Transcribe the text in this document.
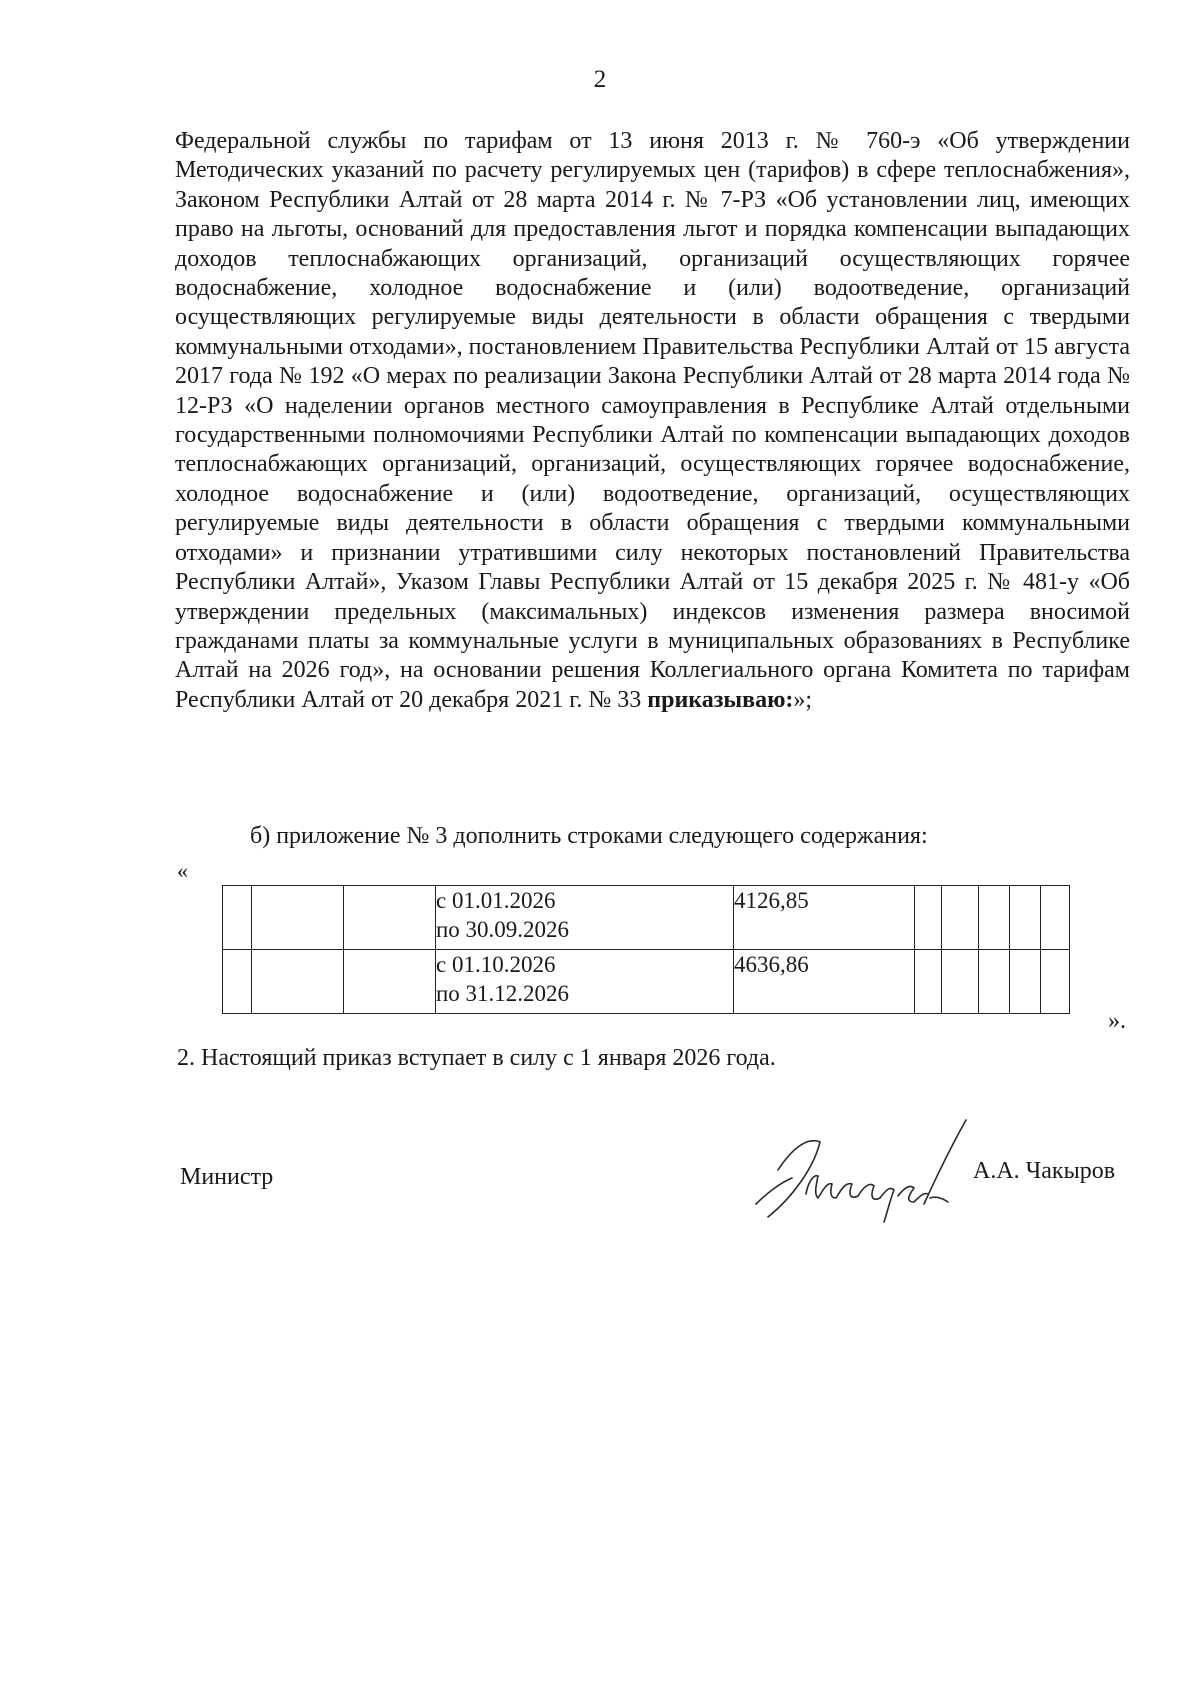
2

Федеральной службы по тарифам от 13 июня 2013 г. № 760-э «Об утверждении Методических указаний по расчету регулируемых цен (тарифов) в сфере теплоснабжения», Законом Республики Алтай от 28 марта 2014 г. № 7-РЗ «Об установлении лиц, имеющих право на льготы, оснований для предоставления льгот и порядка компенсации выпадающих доходов теплоснабжающих организаций, организаций осуществляющих горячее водоснабжение, холодное водоснабжение и (или) водоотведение, организаций осуществляющих регулируемые виды деятельности в области обращения с твердыми коммунальными отходами», постановлением Правительства Республики Алтай от 15 августа 2017 года № 192 «О мерах по реализации Закона Республики Алтай от 28 марта 2014 года № 12-РЗ «О наделении органов местного самоуправления в Республике Алтай отдельными государственными полномочиями Республики Алтай по компенсации выпадающих доходов теплоснабжающих организаций, организаций, осуществляющих горячее водоснабжение, холодное водоснабжение и (или) водоотведение, организаций, осуществляющих регулируемые виды деятельности в области обращения с твердыми коммунальными отходами» и признании утратившими силу некоторых постановлений Правительства Республики Алтай», Указом Главы Республики Алтай от 15 декабря 2025 г. № 481-у «Об утверждении предельных (максимальных) индексов изменения размера вносимой гражданами платы за коммунальные услуги в муниципальных образованиях в Республике Алтай на 2026 год», на основании решения Коллегиального органа Комитета по тарифам Республики Алтай от 20 декабря 2021 г. № 33 приказываю:»;

б) приложение № 3 дополнить строками следующего содержания:

«

			с 01.01.2026
по 30.09.2026	4126,85					

			с 01.10.2026
по 31.12.2026	4636,86					
».

2. Настоящий приказ вступает в силу с 1 января 2026 года.

Министр	А.А. Чакыров
